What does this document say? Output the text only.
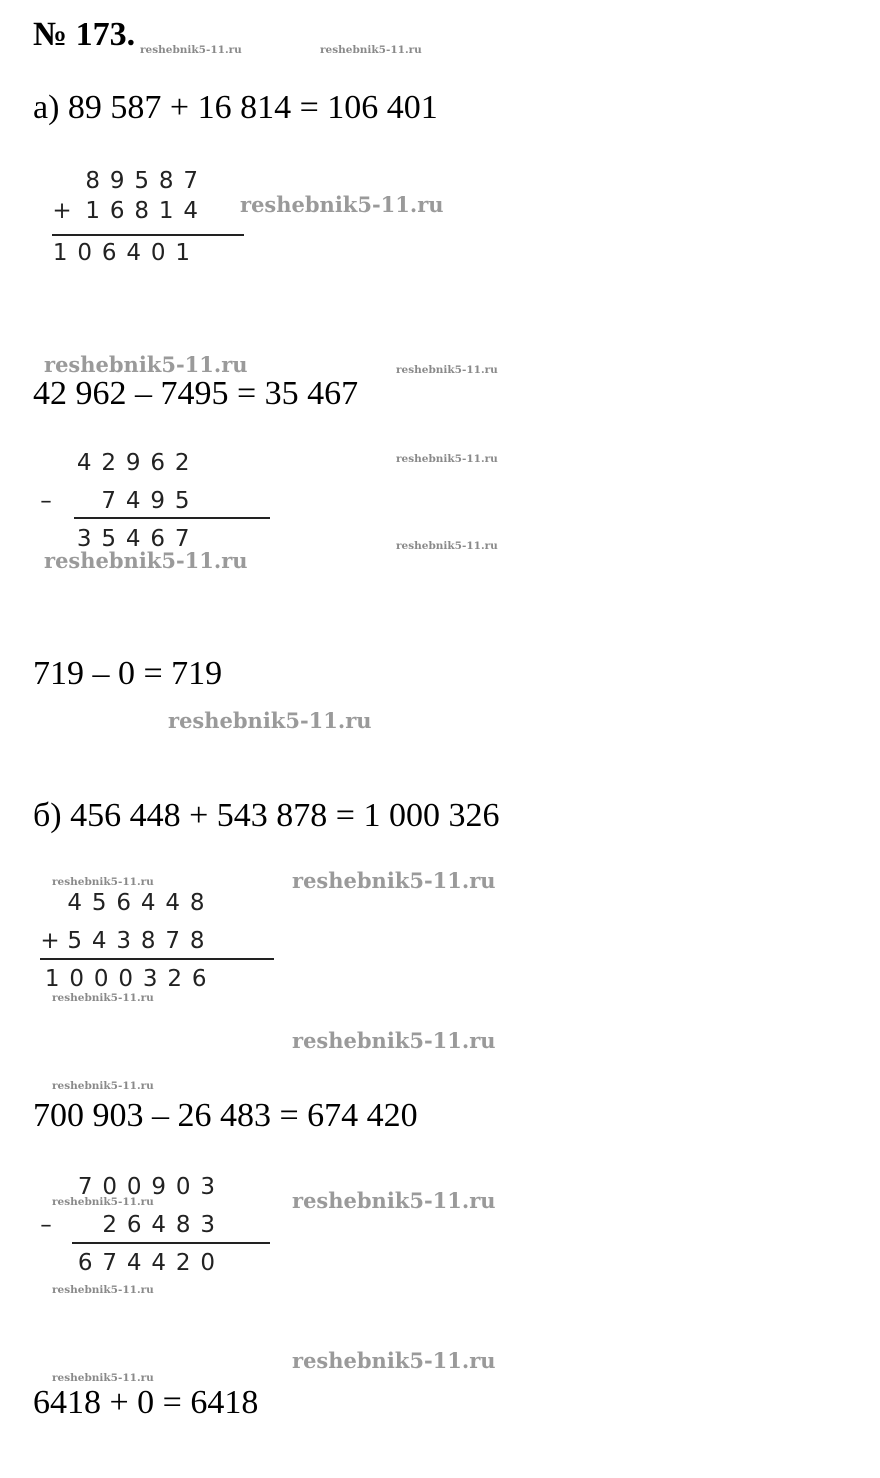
№ 173.
а) 89 587 + 16 814 = 106 401
8 9 5 8 7
+ 1 6 8 1 4
1 0 6 4 0 1
42 962 – 7495 = 35 467
4 2 9 6 2
– 7 4 9 5
3 5 4 6 7
719 – 0 = 719
б) 456 448 + 543 878 = 1 000 326
4 5 6 4 4 8
+ 5 4 3 8 7 8
1 0 0 0 3 2 6
700 903 – 26 483 = 674 420
7 0 0 9 0 3
– 2 6 4 8 3
6 7 4 4 2 0
6418 + 0 = 6418
reshebnik5-11.ru	reshebnik5-11.ru
reshebnik5-11.ru
reshebnik5-11.ru	reshebnik5-11.ru
reshebnik5-11.ru
reshebnik5-11.ru
reshebnik5-11.ru
reshebnik5-11.ru
reshebnik5-11.ru	reshebnik5-11.ru
reshebnik5-11.ru
reshebnik5-11.ru
reshebnik5-11.ru
reshebnik5-11.ru	reshebnik5-11.ru
reshebnik5-11.ru
reshebnik5-11.ru
reshebnik5-11.ru
